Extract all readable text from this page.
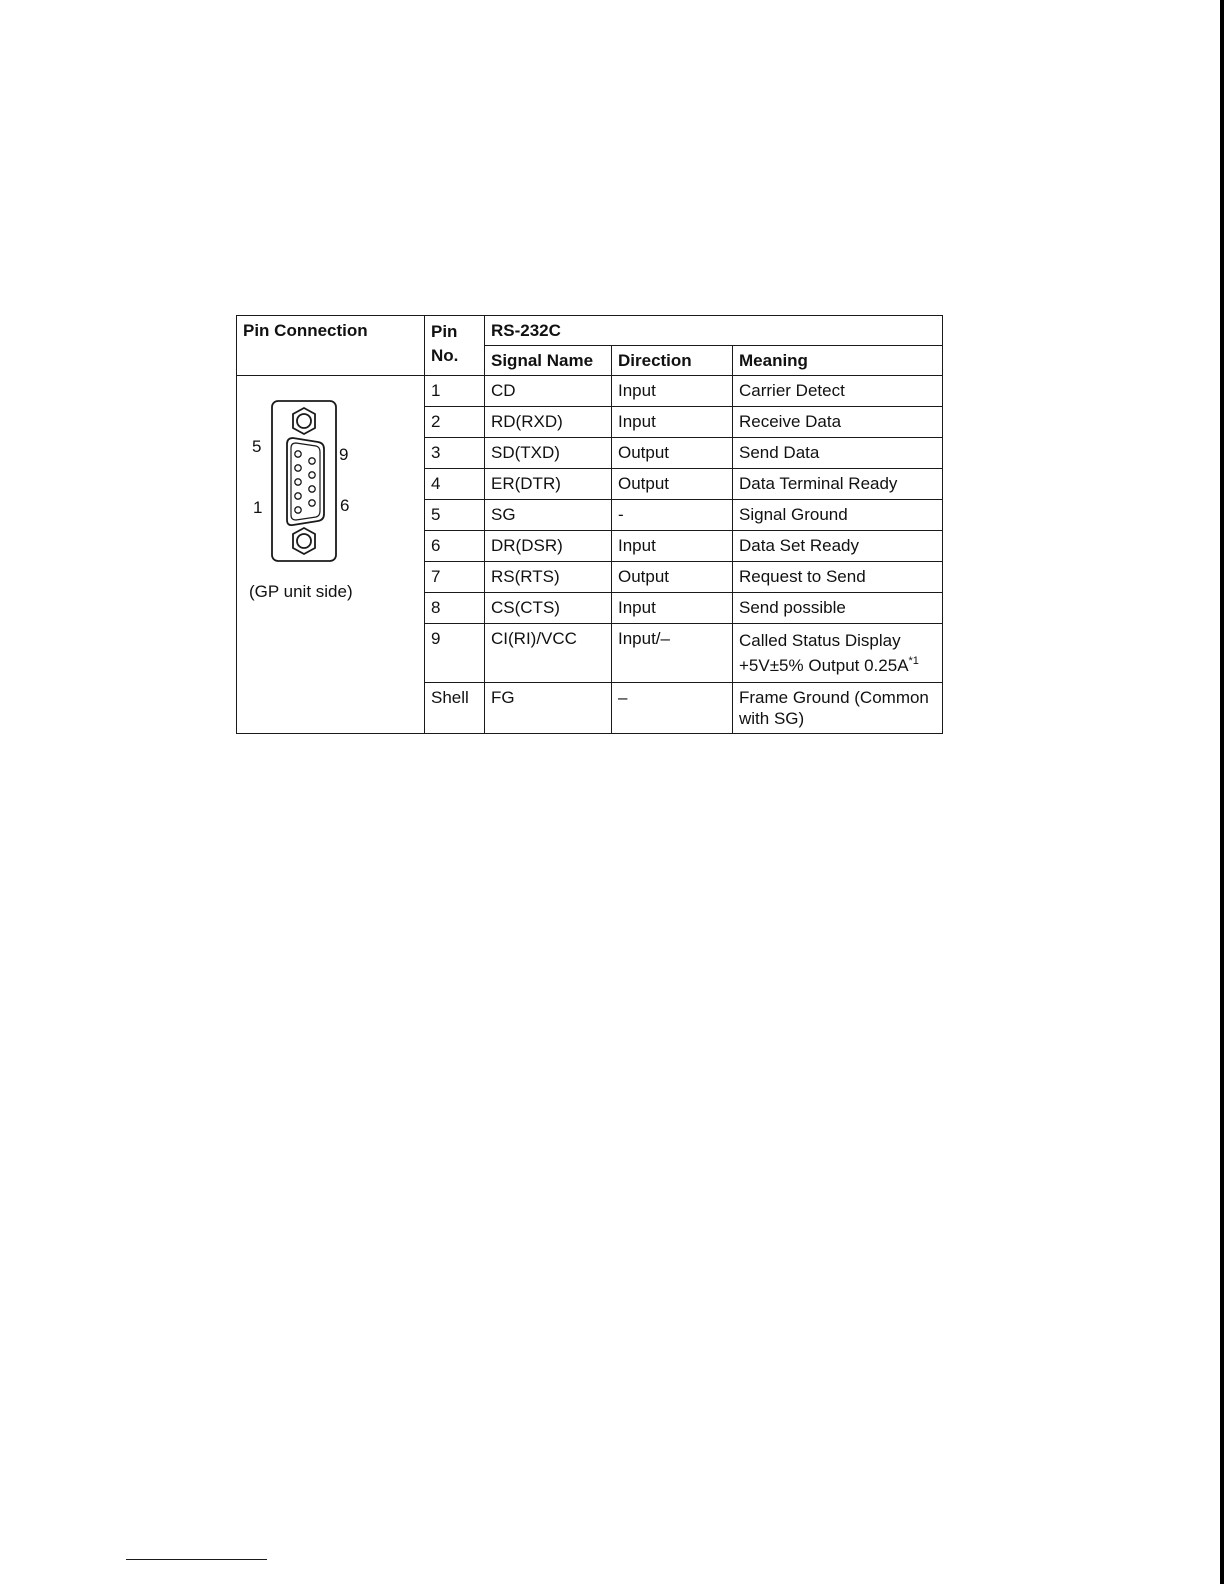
Pin Connection	Pin No.	RS-232C		
		Signal Name	Direction	Meaning

5 9
1 6
(GP unit side)	1	CD	Input	Carrier Detect
	2	RD(RXD)	Input	Receive Data
	3	SD(TXD)	Output	Send Data
	4	ER(DTR)	Output	Data Terminal Ready
	5	SG	-	Signal Ground
	6	DR(DSR)	Input	Data Set Ready
	7	RS(RTS)	Output	Request to Send
	8	CS(CTS)	Input	Send possible
	9	CI(RI)/VCC	Input/–	Called Status Display
+5V±5% Output $0.25A^{*1}$
	Shell	FG	–	Frame Ground (Common with SG)
